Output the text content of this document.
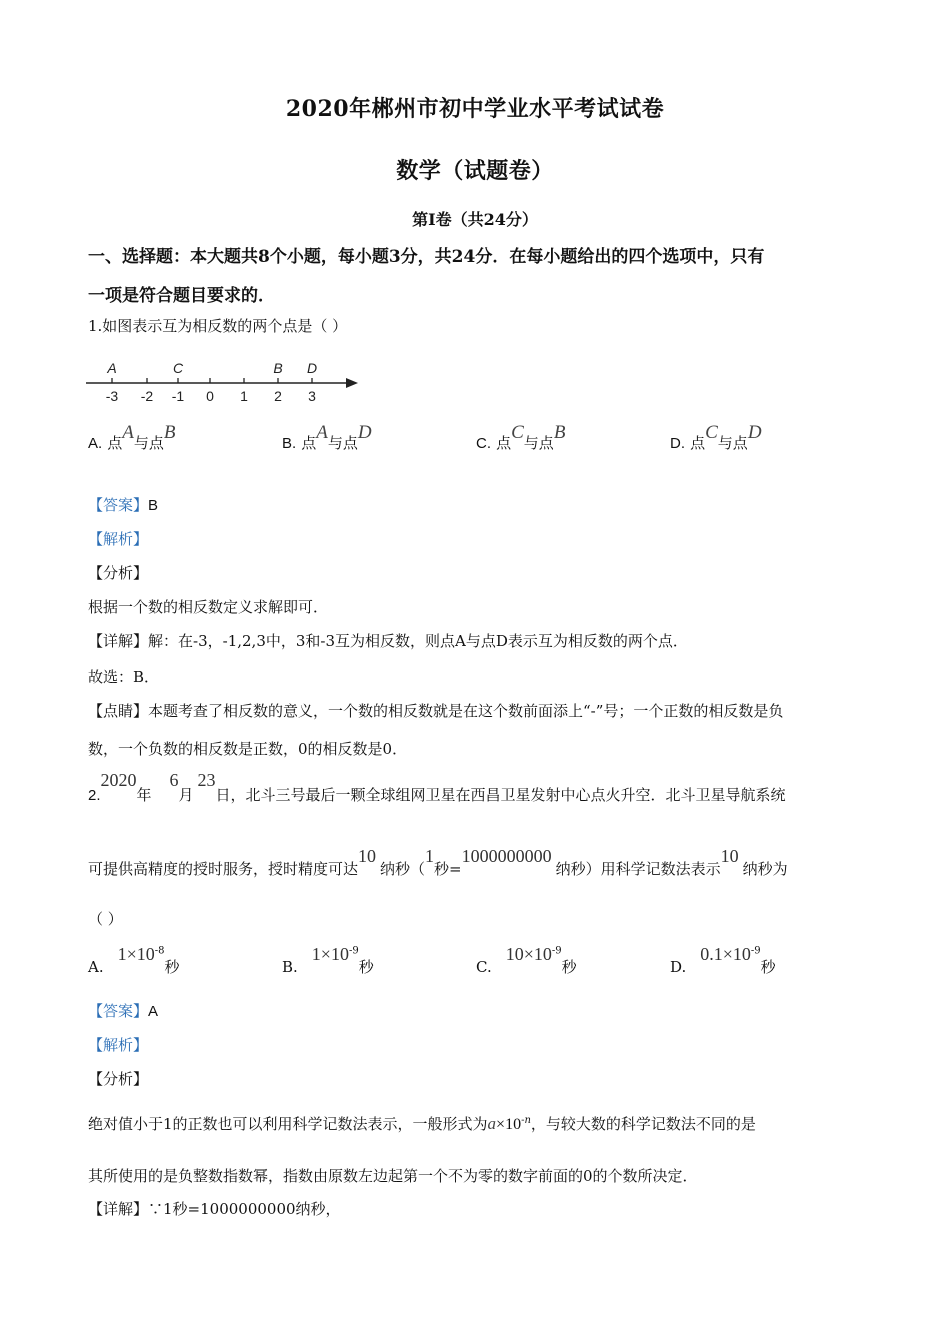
2020年郴州市初中学业水平考试试卷
数学（试题卷）
第Ⅰ卷（共24分）
一、选择题：本大题共8个小题，每小题3分，共24分．在每小题给出的四个选项中，只有
一项是符合题目要求的．
1.如图表示互为相反数的两个点是（ ）
-3 -2 -1 0 1 2 3
A	C	B D
A. 点A与点B
B. 点A与点D
C. 点C与点B
D. 点C与点D
【答案】B
【解析】
【分析】
根据一个数的相反数定义求解即可．
【详解】解：在-3，-1,2,3中，3和-3互为相反数，则点A与点D表示互为相反数的两个点．
故选：B．
【点睛】本题考查了相反数的意义，一个数的相反数就是在这个数前面添上“-”号；一个正数的相反数是负
数，一个负数的相反数是正数，0的相反数是0．
2.2020年6月23日，北斗三号最后一颗全球组网卫星在西昌卫星发射中心点火升空．北斗卫星导航系统
可提供高精度的授时服务，授时精度可达10纳秒（1秒=1000000000纳秒）用科学记数法表示10纳秒为
（ ）
$A.1\times 10^{-8}$秒	$B.1\times 10^{-9}$秒	$C.10\times 10^{-9}$秒	$D.0.1\times 10^{-9}$秒
【答案】A
【解析】
【分析】
绝对值小于1的正数也可以利用科学记数法表示，一般形式为$a\times 10^{-n}$，与较大数的科学记数法不同的是
其所使用的是负整数指数幂，指数由原数左边起第一个不为零的数字前面的0的个数所决定．
【详解】∵1秒=1000000000纳秒，
